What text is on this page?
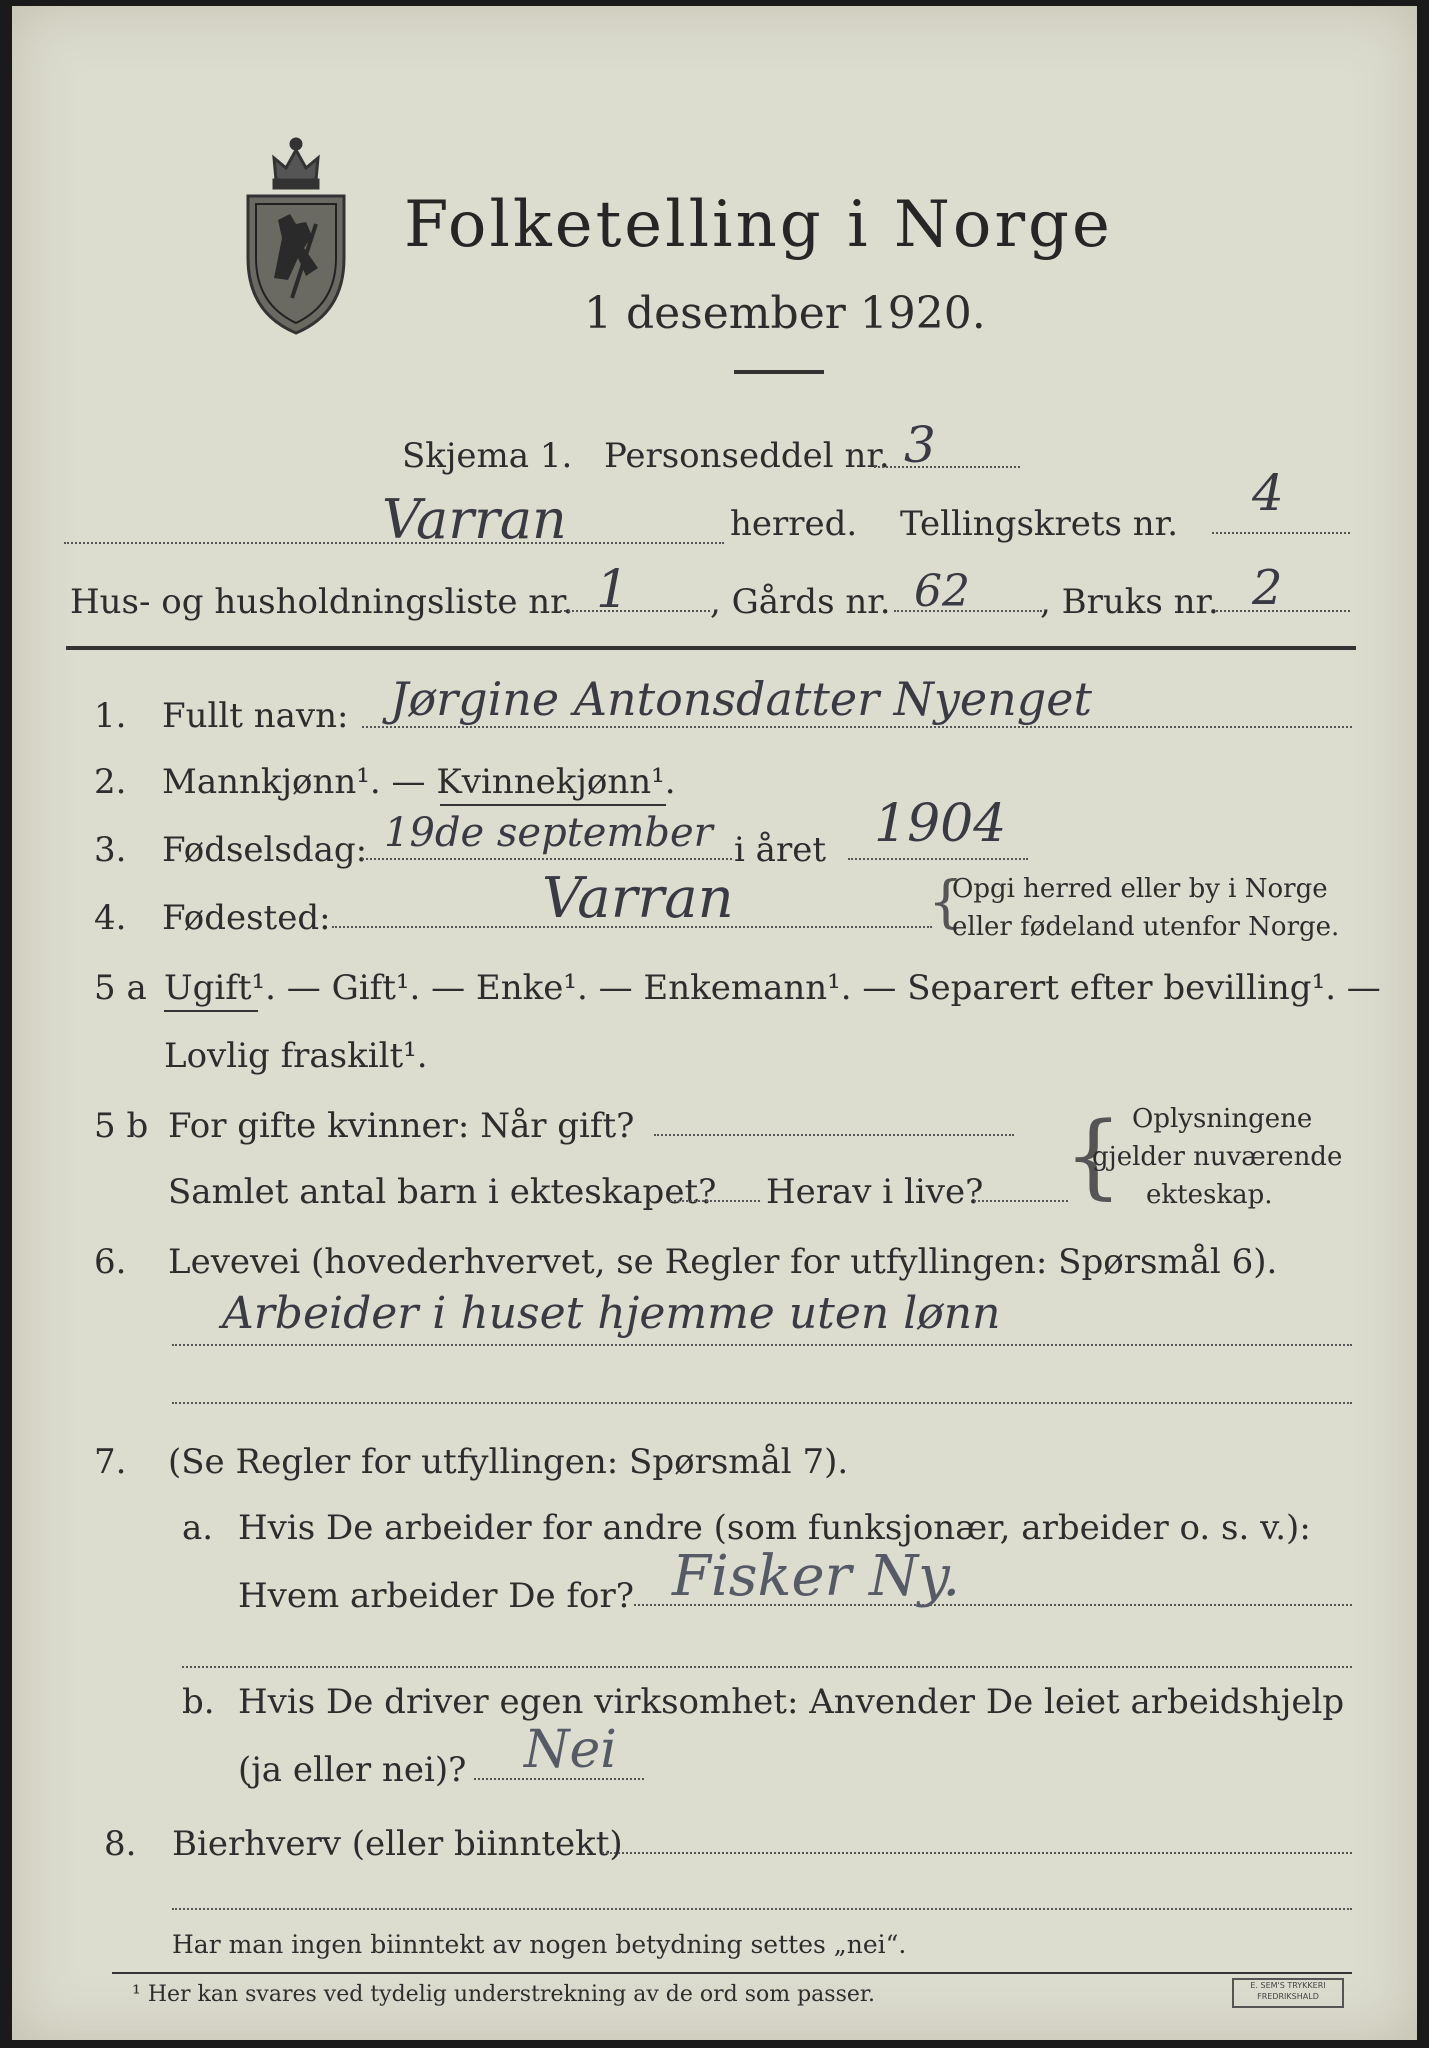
Folketelling i Norge
1 desember 1920.
Skjema 1. Personseddel nr. 3
Varran	herred. Tellingskrets nr.
4
Hus- og husholdningsliste nr. 1 , Gårds nr. 62 , Bruks nr. 2
1. Fullt navn: Jørgine Antonsdatter Nyenget
2. Mannkjønn¹. — Kvinnekjønn¹.
3. Fødselsdag: 19de september i året 1904
4. Fødested:	Varran	{
Opgi herred eller by i Norge
eller fødeland utenfor Norge.
5 a Ugift¹. — Gift¹. — Enke¹. — Enkemann¹. — Separert efter bevilling¹. —
Lovlig fraskilt¹.
5 b For gifte kvinner: Når gift?
Samlet antal barn i ekteskapet? Herav i live? { Oplysningene
gjelder nuværende
ekteskap.
6. Levevei (hovederhvervet, se Regler for utfyllingen: Spørsmål 6).
Arbeider i huset hjemme uten lønn
7. (Se Regler for utfyllingen: Spørsmål 7).
a. Hvis De arbeider for andre (som funksjonær, arbeider o. s. v.):
Hvem arbeider De for? Fisker Ny.
b. Hvis De driver egen virksomhet: Anvender De leiet arbeidshjelp
(ja eller nei)? Nei
8. Bierhverv (eller biinntekt)
Har man ingen biinntekt av nogen betydning settes „nei“.
¹ Her kan svares ved tydelig understrekning av de ord som passer.	E. SEM'S TRYKKERI FREDRIKSHALD
